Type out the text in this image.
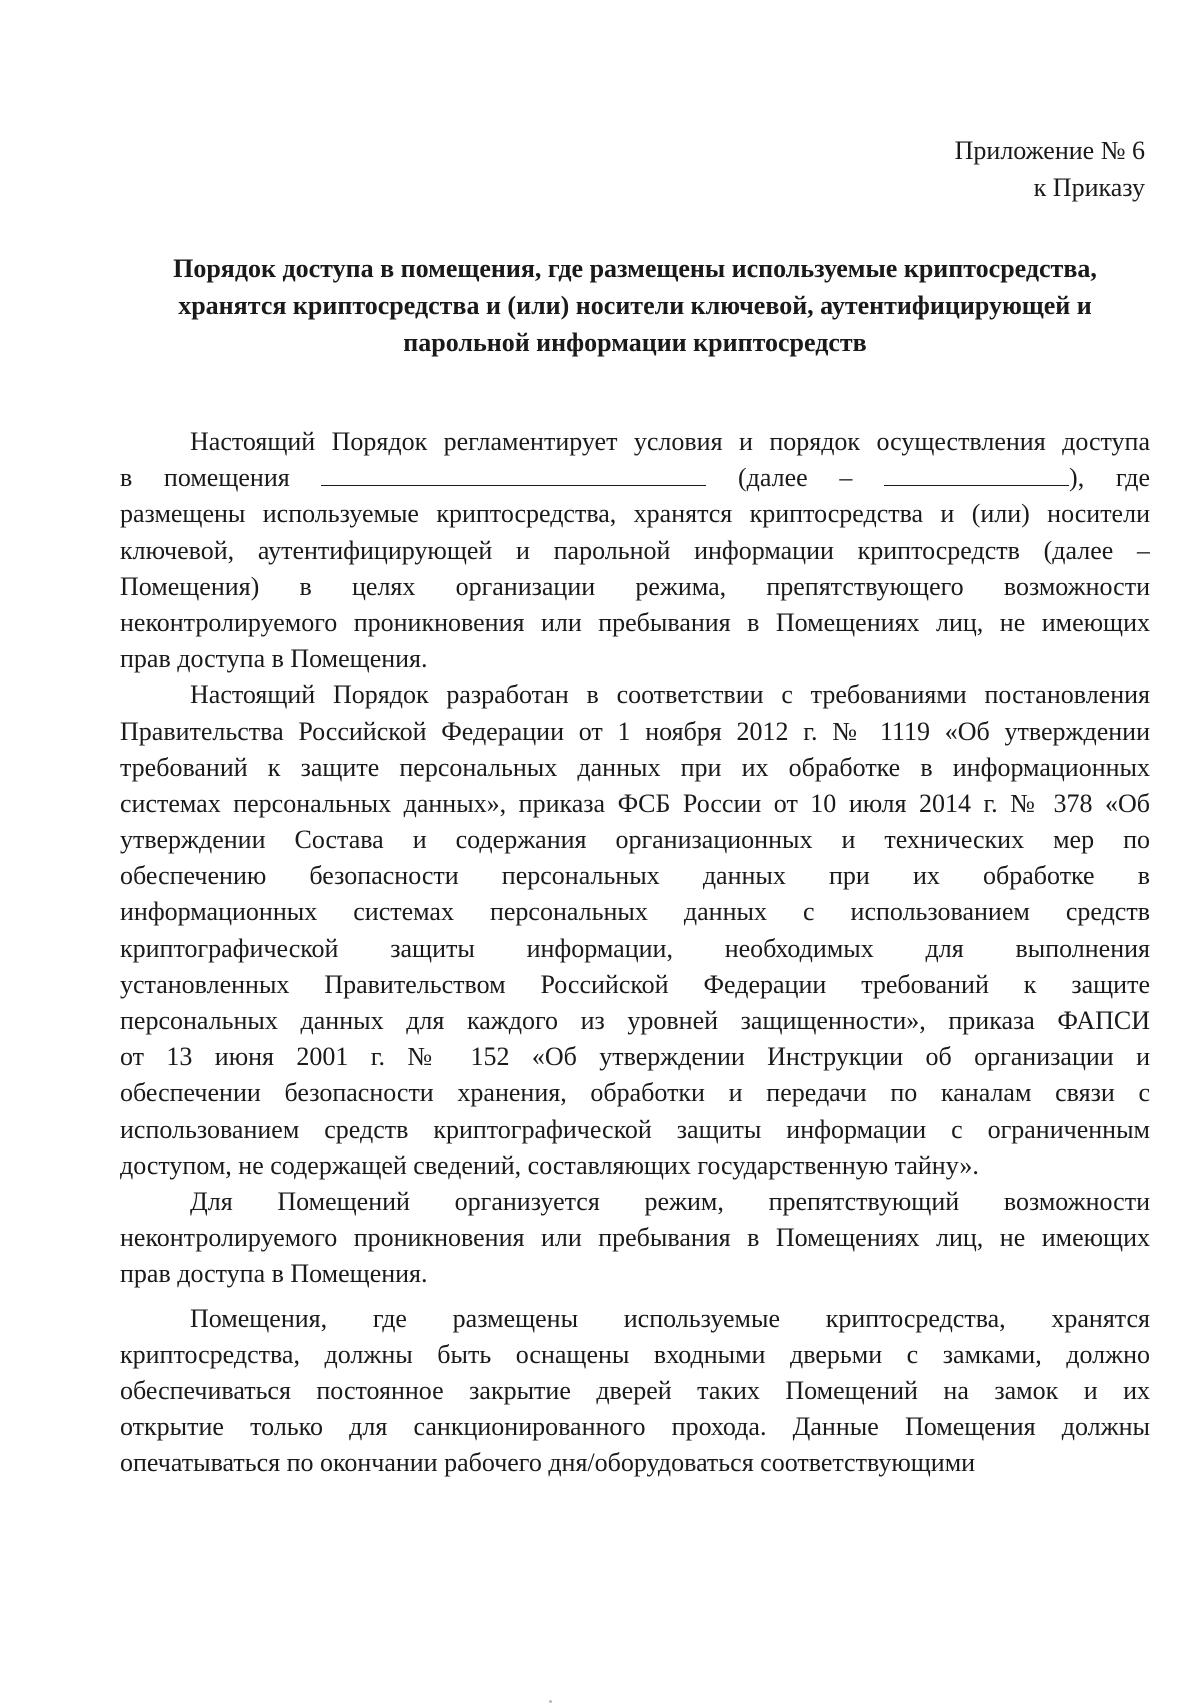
Приложение № 6
к Приказу
Порядок доступа в помещения, где размещены используемые криптосредства,
хранятся криптосредства и (или) носители ключевой, аутентифицирующей и
парольной информации криптосредств
Настоящий Порядок регламентирует условия и порядок осуществления доступа
в помещения	(далее –	), где
размещены используемые криптосредства, хранятся криптосредства и (или) носители
ключевой, аутентифицирующей и парольной информации криптосредств (далее –
Помещения) в целях организации режима, препятствующего возможности
неконтролируемого проникновения или пребывания в Помещениях лиц, не имеющих
прав доступа в Помещения.
Настоящий Порядок разработан в соответствии с требованиями постановления
Правительства Российской Федерации от 1 ноября 2012 г. № 1119 «Об утверждении
требований к защите персональных данных при их обработке в информационных
системах персональных данных», приказа ФСБ России от 10 июля 2014 г. № 378 «Об
утверждении Состава и содержания организационных и технических мер по
обеспечению безопасности персональных данных при их обработке в
информационных системах персональных данных с использованием средств
криптографической защиты информации, необходимых для выполнения
установленных Правительством Российской Федерации требований к защите
персональных данных для каждого из уровней защищенности», приказа ФАПСИ
от 13 июня 2001 г. № 152 «Об утверждении Инструкции об организации и
обеспечении безопасности хранения, обработки и передачи по каналам связи с
использованием средств криптографической защиты информации с ограниченным
доступом, не содержащей сведений, составляющих государственную тайну».
Для Помещений организуется режим, препятствующий возможности
неконтролируемого проникновения или пребывания в Помещениях лиц, не имеющих
прав доступа в Помещения.
Помещения, где размещены используемые криптосредства, хранятся
криптосредства, должны быть оснащены входными дверьми с замками, должно
обеспечиваться постоянное закрытие дверей таких Помещений на замок и их
открытие только для санкционированного прохода. Данные Помещения должны
опечатываться по окончании рабочего дня/оборудоваться соответствующими
